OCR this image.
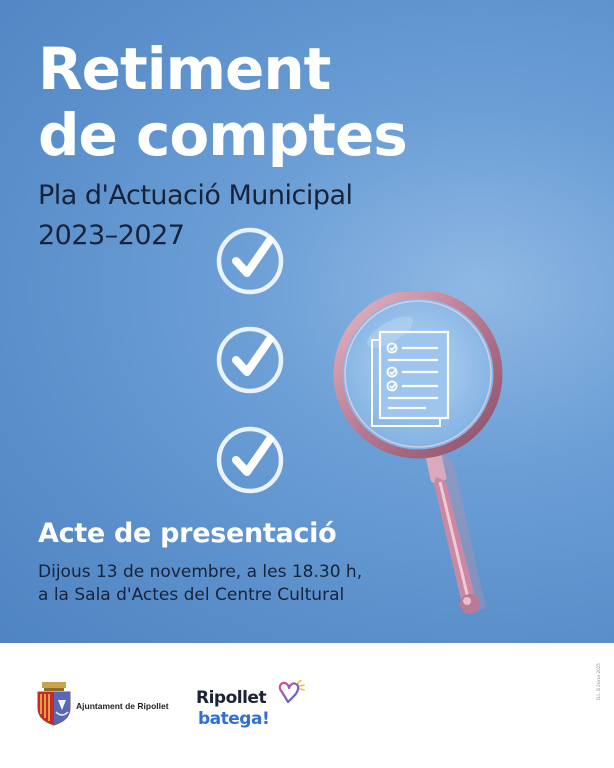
Retiment
de comptes
Pla d'Actuació Municipal
2023–2027
Acte de presentació
Dijous 13 de novembre, a les 18.30 h,
a la Sala d'Actes del Centre Cultural
Ajuntament de Ripollet Ripollet
batega!
D.L. B 2xxxx-2025
